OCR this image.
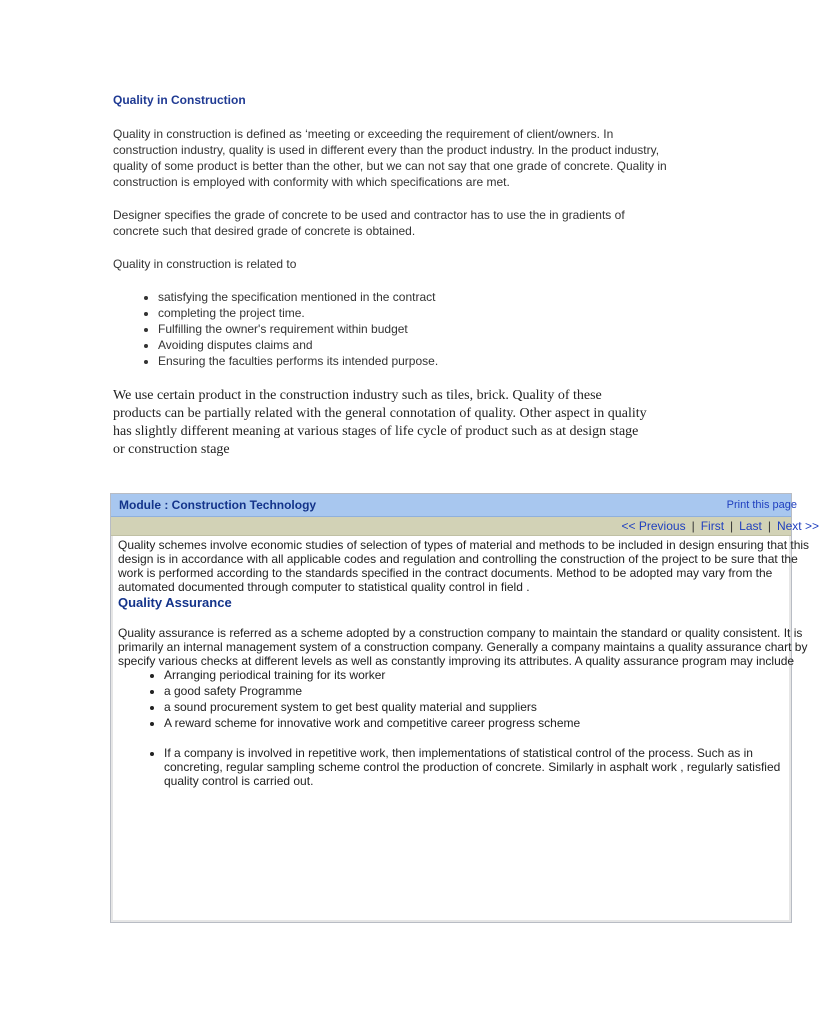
Quality in Construction

Quality in construction is defined as ‘meeting or exceeding the requirement of client/owners. In construction industry, quality is used in different every than the product industry. In the product industry, quality of some product is better than the other, but we can not say that one grade of concrete. Quality in construction is employed with conformity with which specifications are met.

Designer specifies the grade of concrete to be used and contractor has to use the in gradients of concrete such that desired grade of concrete is obtained.

Quality in construction is related to

• satisfying the specification mentioned in the contract
• completing the project time.
• Fulfilling the owner's requirement within budget
• Avoiding disputes claims and
• Ensuring the faculties performs its intended purpose.

We use certain product in the construction industry such as tiles, brick. Quality of these products can be partially related with the general connotation of quality. Other aspect in quality has slightly different meaning at various stages of life cycle of product such as at design stage or construction stage

Module : Construction Technology	Print this page
<< Previous | First | Last | Next >>

Quality schemes involve economic studies of selection of types of material and methods to be included in design ensuring that this design is in accordance with all applicable codes and regulation and controlling the construction of the project to be sure that the work is performed according to the standards specified in the contract documents. Method to be adopted may vary from the automated documented through computer to statistical quality control in field .

Quality Assurance

Quality assurance is referred as a scheme adopted by a construction company to maintain the standard or quality consistent. It is primarily an internal management system of a construction company. Generally a company maintains a quality assurance chart by specify various checks at different levels as well as constantly improving its attributes. A quality assurance program may include

• Arranging periodical training for its worker
• a good safety Programme
• a sound procurement system to get best quality material and suppliers
• A reward scheme for innovative work and competitive career progress scheme
• If a company is involved in repetitive work, then implementations of statistical control of the process. Such as in concreting, regular sampling scheme control the production of concrete. Similarly in asphalt work , regularly satisfied quality control is carried out.
